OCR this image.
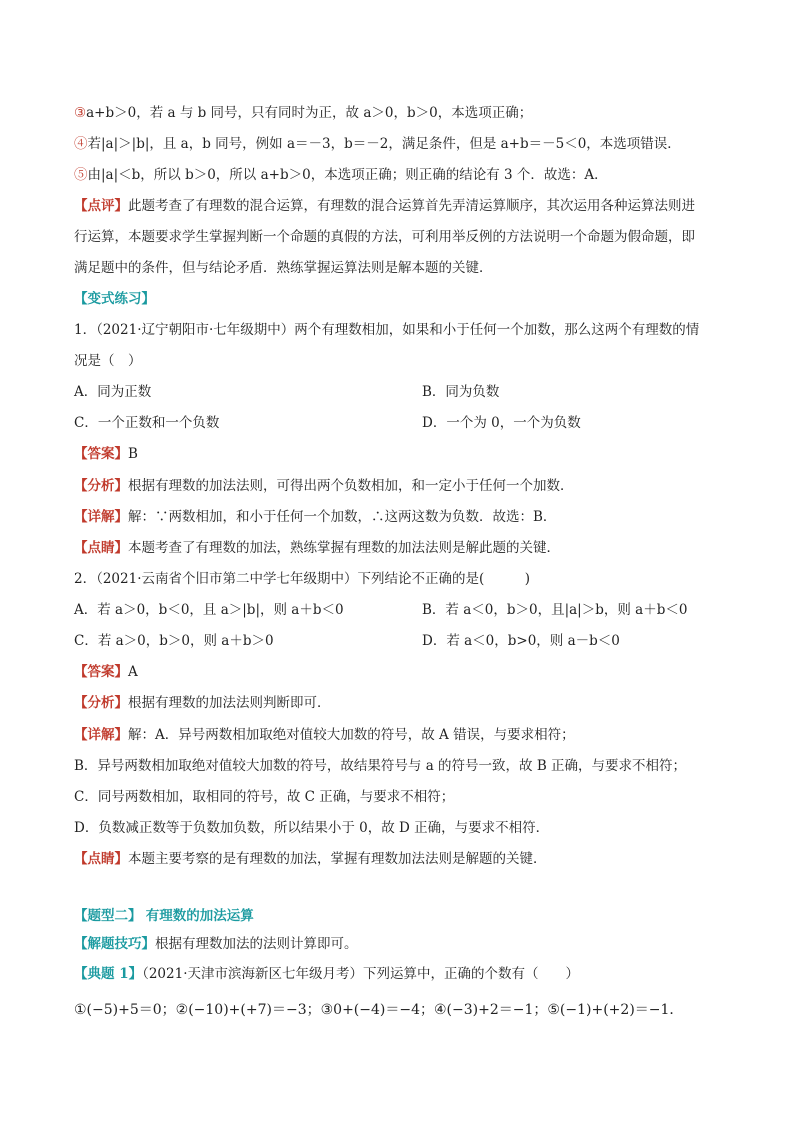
③a+b＞0，若 a 与 b 同号，只有同时为正，故 a＞0，b＞0，本选项正确；
④若|a|＞|b|，且 a，b 同号，例如 a＝－3，b＝－2，满足条件，但是 a+b＝－5＜0，本选项错误．
⑤由|a|＜b，所以 b＞0，所以 a+b＞0，本选项正确；则正确的结论有 3 个．故选：A．
【点评】此题考查了有理数的混合运算，有理数的混合运算首先弄清运算顺序，其次运用各种运算法则进
行运算，本题要求学生掌握判断一个命题的真假的方法，可利用举反例的方法说明一个命题为假命题，即
满足题中的条件，但与结论矛盾．熟练掌握运算法则是解本题的关键．
【变式练习】
1．（2021·辽宁朝阳市·七年级期中）两个有理数相加，如果和小于任何一个加数，那么这两个有理数的情
况是（　）
A．同为正数	B．同为负数
C．一个正数和一个负数	D．一个为 0，一个为负数
【答案】B
【分析】根据有理数的加法法则，可得出两个负数相加，和一定小于任何一个加数．
【详解】解：∵两数相加，和小于任何一个加数，∴这两这数为负数．故选：B．
【点睛】本题考查了有理数的加法，熟练掌握有理数的加法法则是解此题的关键．
2．（2021·云南省个旧市第二中学七年级期中）下列结论不正确的是(　　　)
A．若 a＞0，b＜0，且 a＞|b|，则 a＋b＜0	B．若 a＜0，b＞0，且|a|＞b，则 a＋b＜0
C．若 a＞0，b＞0，则 a＋b＞0	D．若 a＜0，b>0，则 a－b＜0
【答案】A
【分析】根据有理数的加法法则判断即可．
【详解】解：A．异号两数相加取绝对值较大加数的符号，故 A 错误，与要求相符；
B．异号两数相加取绝对值较大加数的符号，故结果符号与 a 的符号一致，故 B 正确，与要求不相符；
C．同号两数相加，取相同的符号，故 C 正确，与要求不相符；
D．负数减正数等于负数加负数，所以结果小于 0，故 D 正确，与要求不相符．
【点睛】本题主要考察的是有理数的加法，掌握有理数加法法则是解题的关键．
【题型二】 有理数的加法运算
【解题技巧】根据有理数加法的法则计算即可。
【典题 1】（2021·天津市滨海新区七年级月考）下列运算中，正确的个数有（　　）
①(−5)+5＝0；②(−10)+(+7)＝−3；③0+(−4)＝−4；④(−3)+2＝−1；⑤(−1)+(+2)＝−1．
